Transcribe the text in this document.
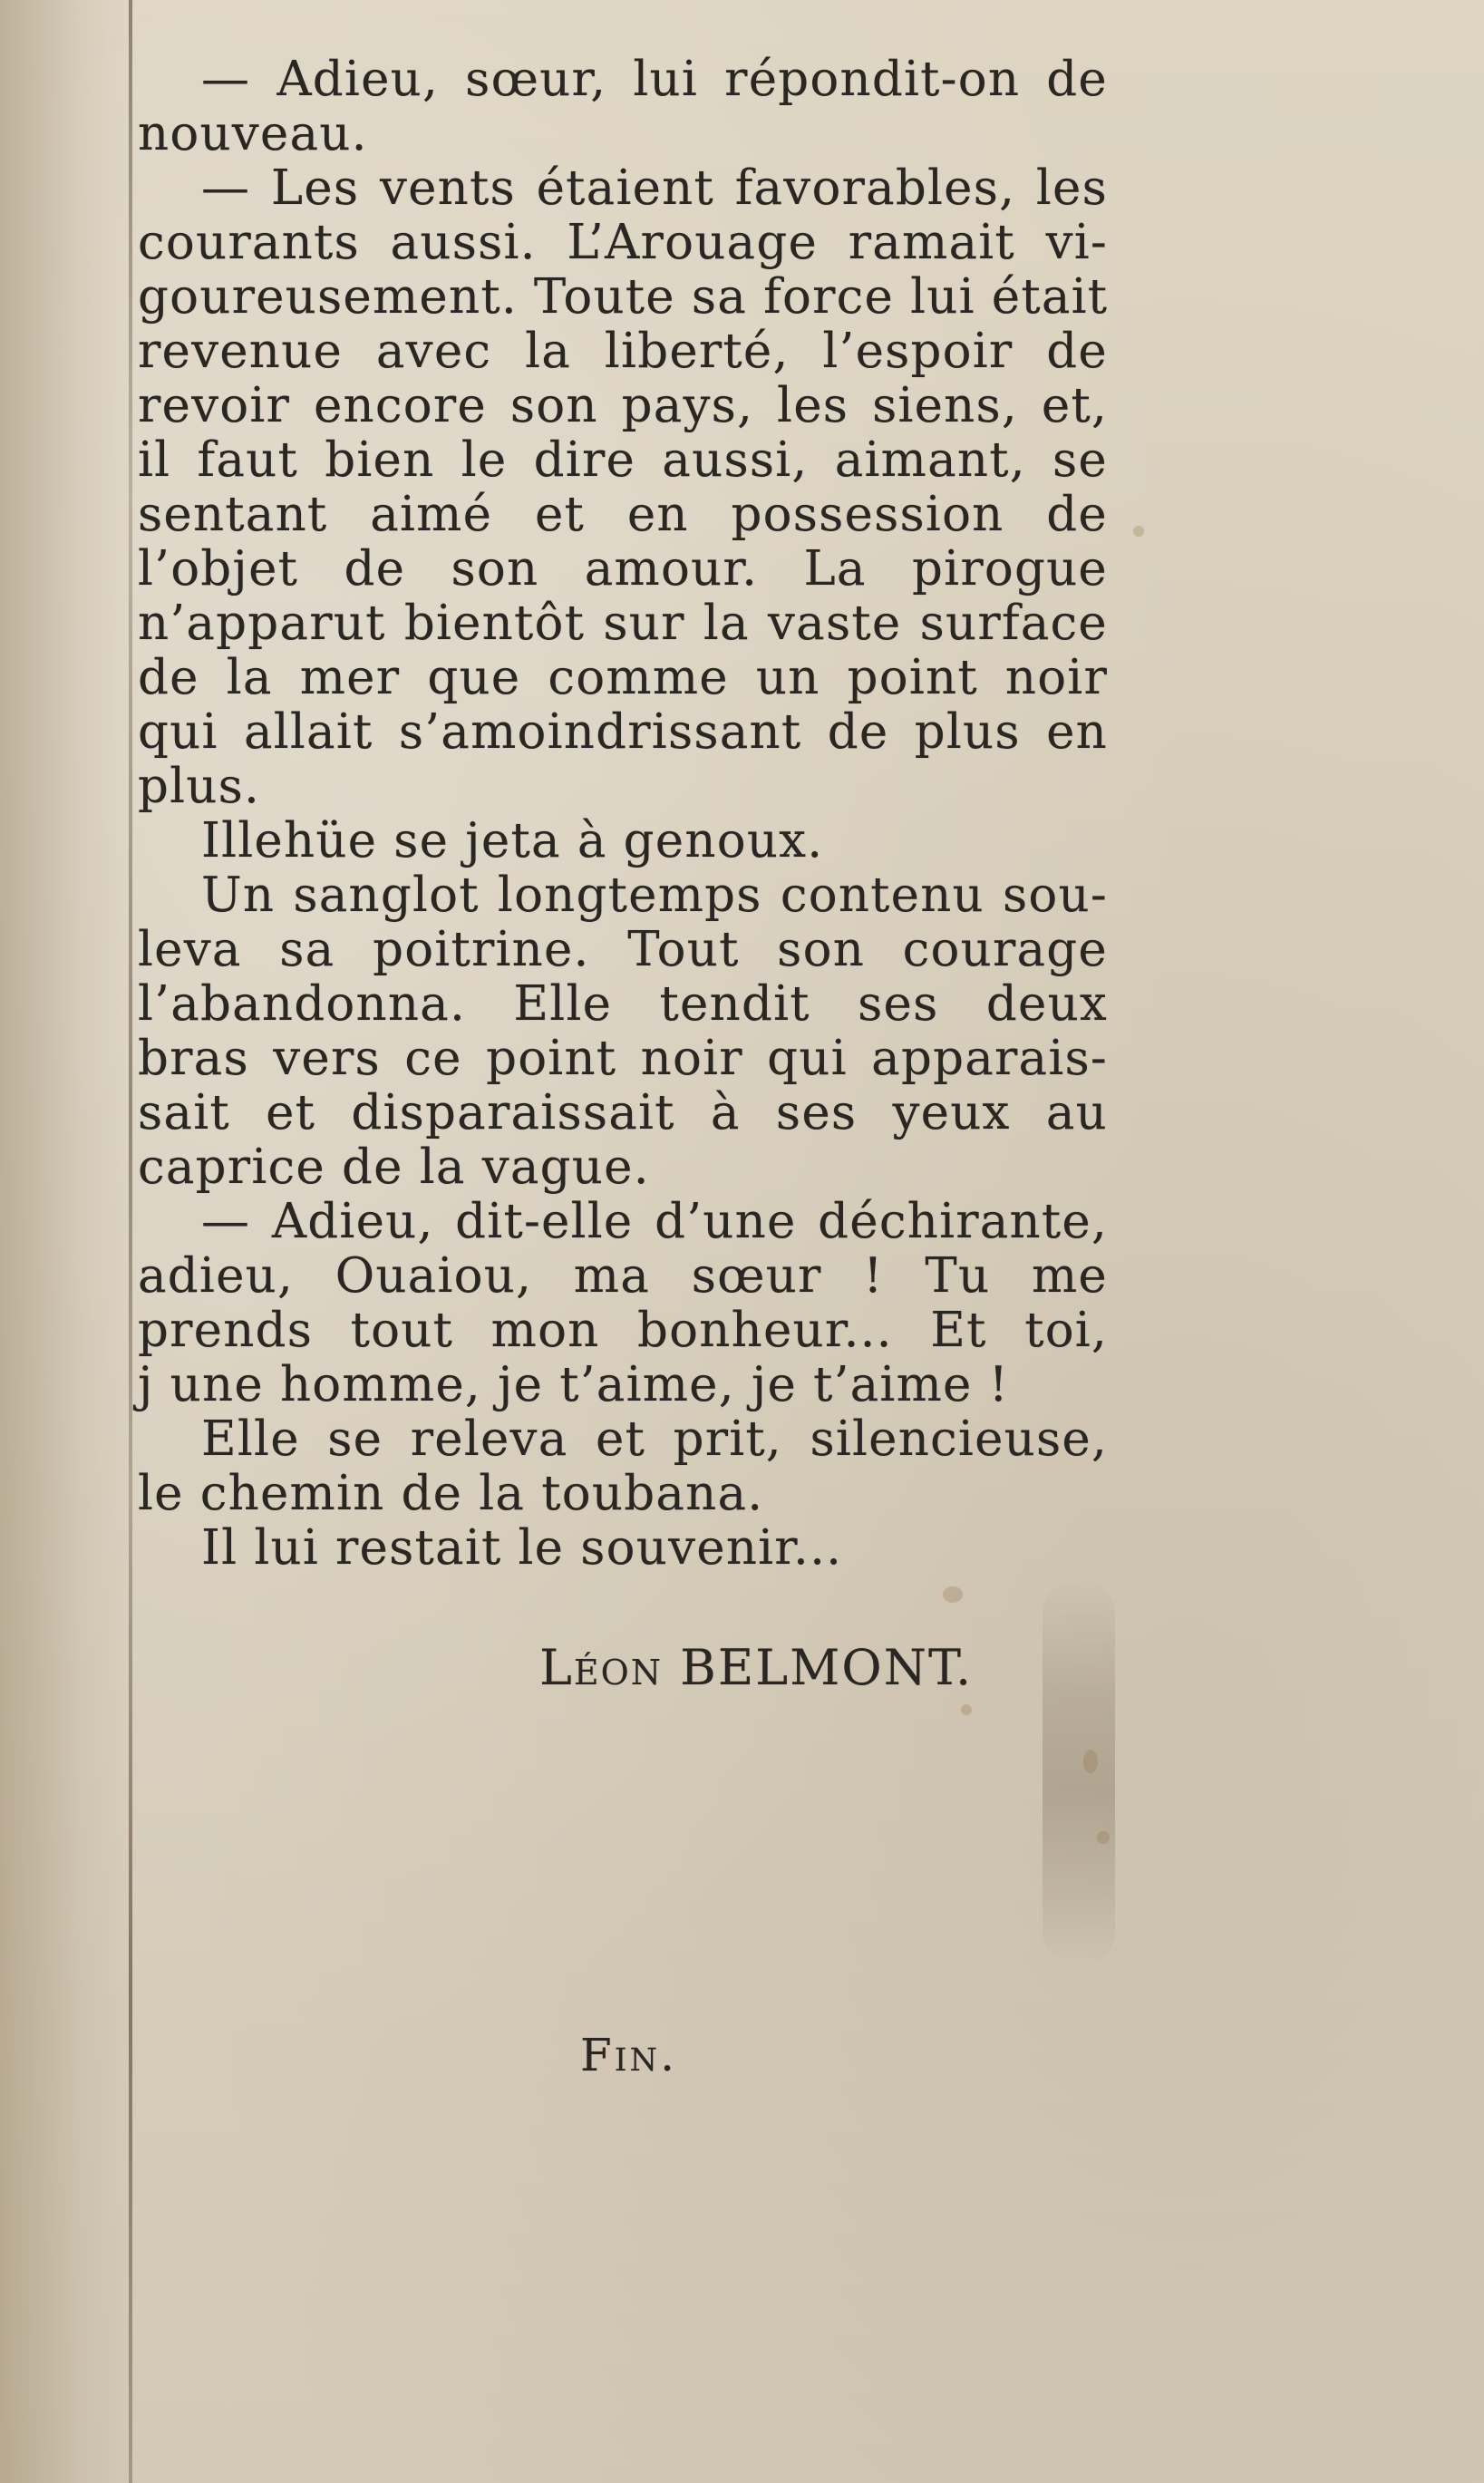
— Adieu, sœur, lui répondit-on de
nouveau.
— Les vents étaient favorables, les
courants aussi. L’Arouage ramait vi-
goureusement. Toute sa force lui était
revenue avec la liberté, l’espoir de
revoir encore son pays, les siens, et,
il faut bien le dire aussi, aimant, se
sentant aimé et en possession de
l’objet de son amour. La pirogue
n’apparut bientôt sur la vaste surface
de la mer que comme un point noir
qui allait s’amoindrissant de plus en
plus.
Illehüe se jeta à genoux.
Un sanglot longtemps contenu sou-
leva sa poitrine. Tout son courage
l’abandonna. Elle tendit ses deux
bras vers ce point noir qui apparais-
sait et disparaissait à ses yeux au
caprice de la vague.
— Adieu, dit-elle d’une déchirante,
adieu, Ouaiou, ma sœur ! Tu me
prends tout mon bonheur... Et toi,
j une homme, je t’aime, je t’aime !
Elle se releva et prit, silencieuse,
le chemin de la toubana.
Il lui restait le souvenir...
Léon BELMONT.
Fin.
